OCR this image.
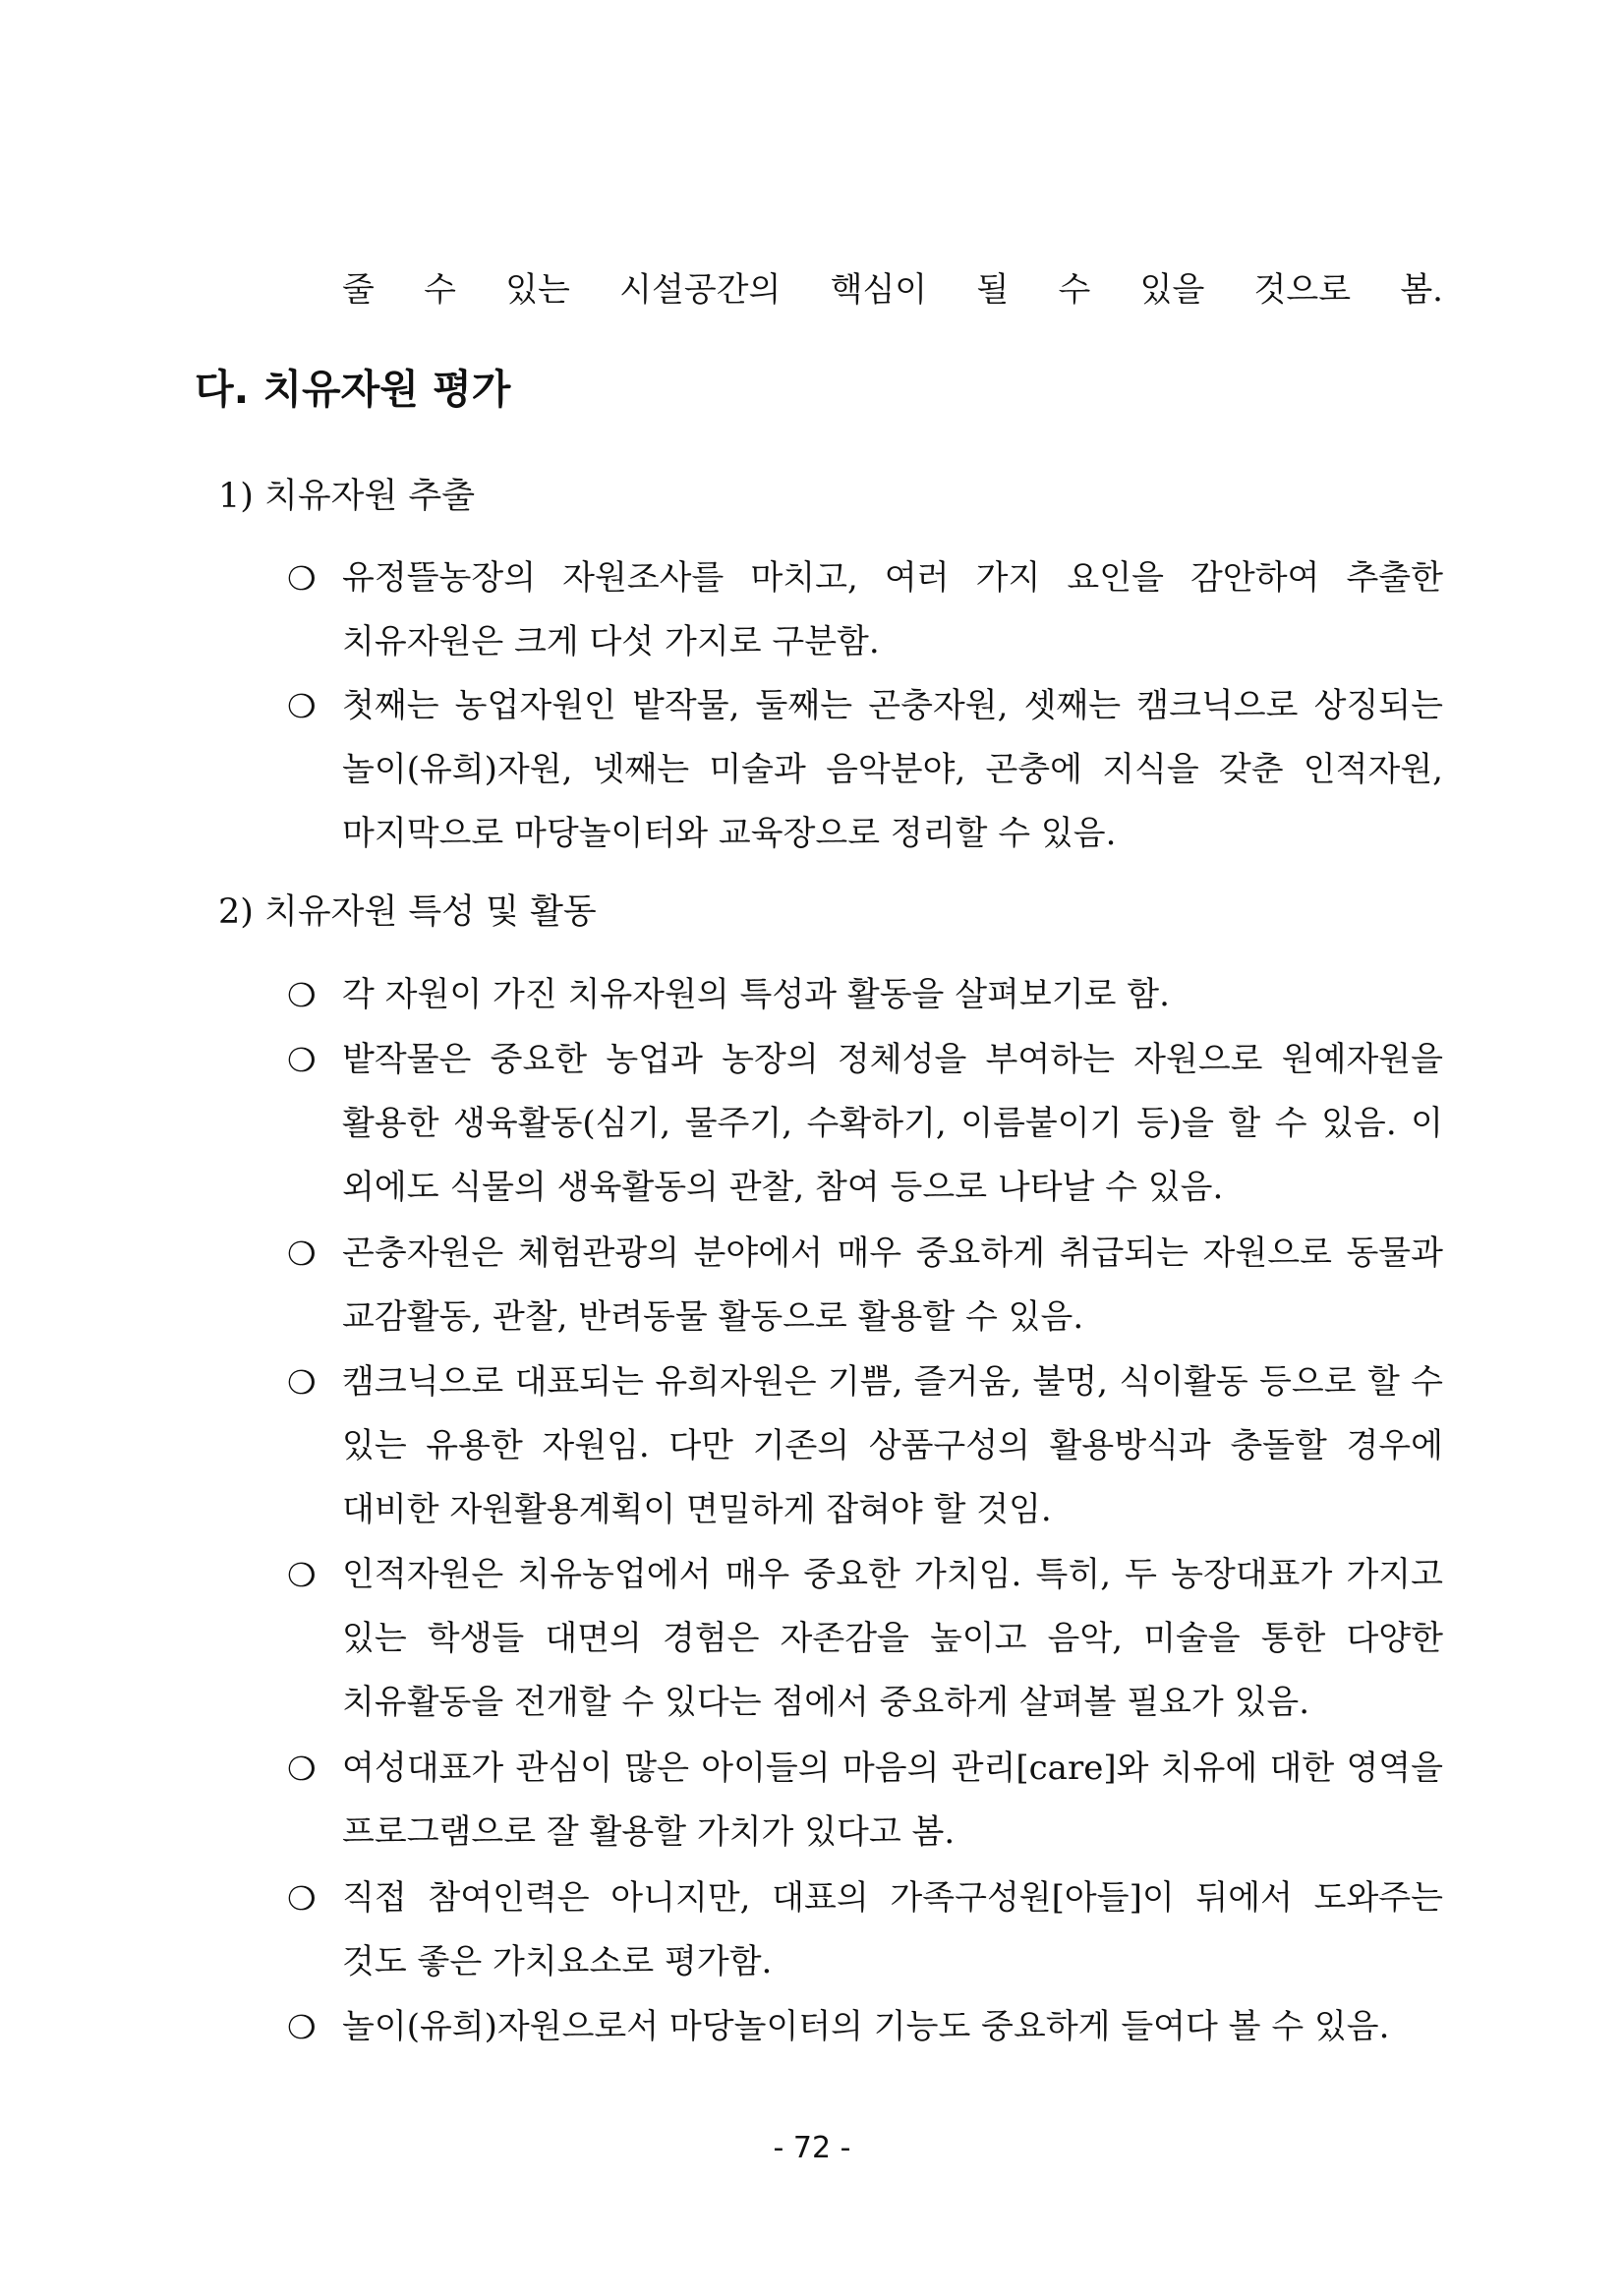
줄 수 있는 시설공간의 핵심이 될 수 있을 것으로 봄.
다. 치유자원 평가
1) 치유자원 추출
❍ 유정뜰농장의 자원조사를 마치고, 여러 가지 요인을 감안하여 추출한 치유자원은 크게 다섯 가지로 구분함.
❍ 첫째는 농업자원인 밭작물, 둘째는 곤충자원, 셋째는 캠크닉으로 상징되는 놀이(유희)자원, 넷째는 미술과 음악분야, 곤충에 지식을 갖춘 인적자원, 마지막으로 마당놀이터와 교육장으로 정리할 수 있음.
2) 치유자원 특성 및 활동
❍ 각 자원이 가진 치유자원의 특성과 활동을 살펴보기로 함.
❍ 밭작물은 중요한 농업과 농장의 정체성을 부여하는 자원으로 원예자원을 활용한 생육활동(심기, 물주기, 수확하기, 이름붙이기 등)을 할 수 있음. 이 외에도 식물의 생육활동의 관찰, 참여 등으로 나타날 수 있음.
❍ 곤충자원은 체험관광의 분야에서 매우 중요하게 취급되는 자원으로 동물과 교감활동, 관찰, 반려동물 활동으로 활용할 수 있음.
❍ 캠크닉으로 대표되는 유희자원은 기쁨, 즐거움, 불멍, 식이활동 등으로 할 수 있는 유용한 자원임. 다만 기존의 상품구성의 활용방식과 충돌할 경우에 대비한 자원활용계획이 면밀하게 잡혀야 할 것임.
❍ 인적자원은 치유농업에서 매우 중요한 가치임. 특히, 두 농장대표가 가지고 있는 학생들 대면의 경험은 자존감을 높이고 음악, 미술을 통한 다양한 치유활동을 전개할 수 있다는 점에서 중요하게 살펴볼 필요가 있음.
❍ 여성대표가 관심이 많은 아이들의 마음의 관리[care]와 치유에 대한 영역을 프로그램으로 잘 활용할 가치가 있다고 봄.
❍ 직접 참여인력은 아니지만, 대표의 가족구성원[아들]이 뒤에서 도와주는 것도 좋은 가치요소로 평가함.
❍ 놀이(유희)자원으로서 마당놀이터의 기능도 중요하게 들여다 볼 수 있음.
- 72 -
